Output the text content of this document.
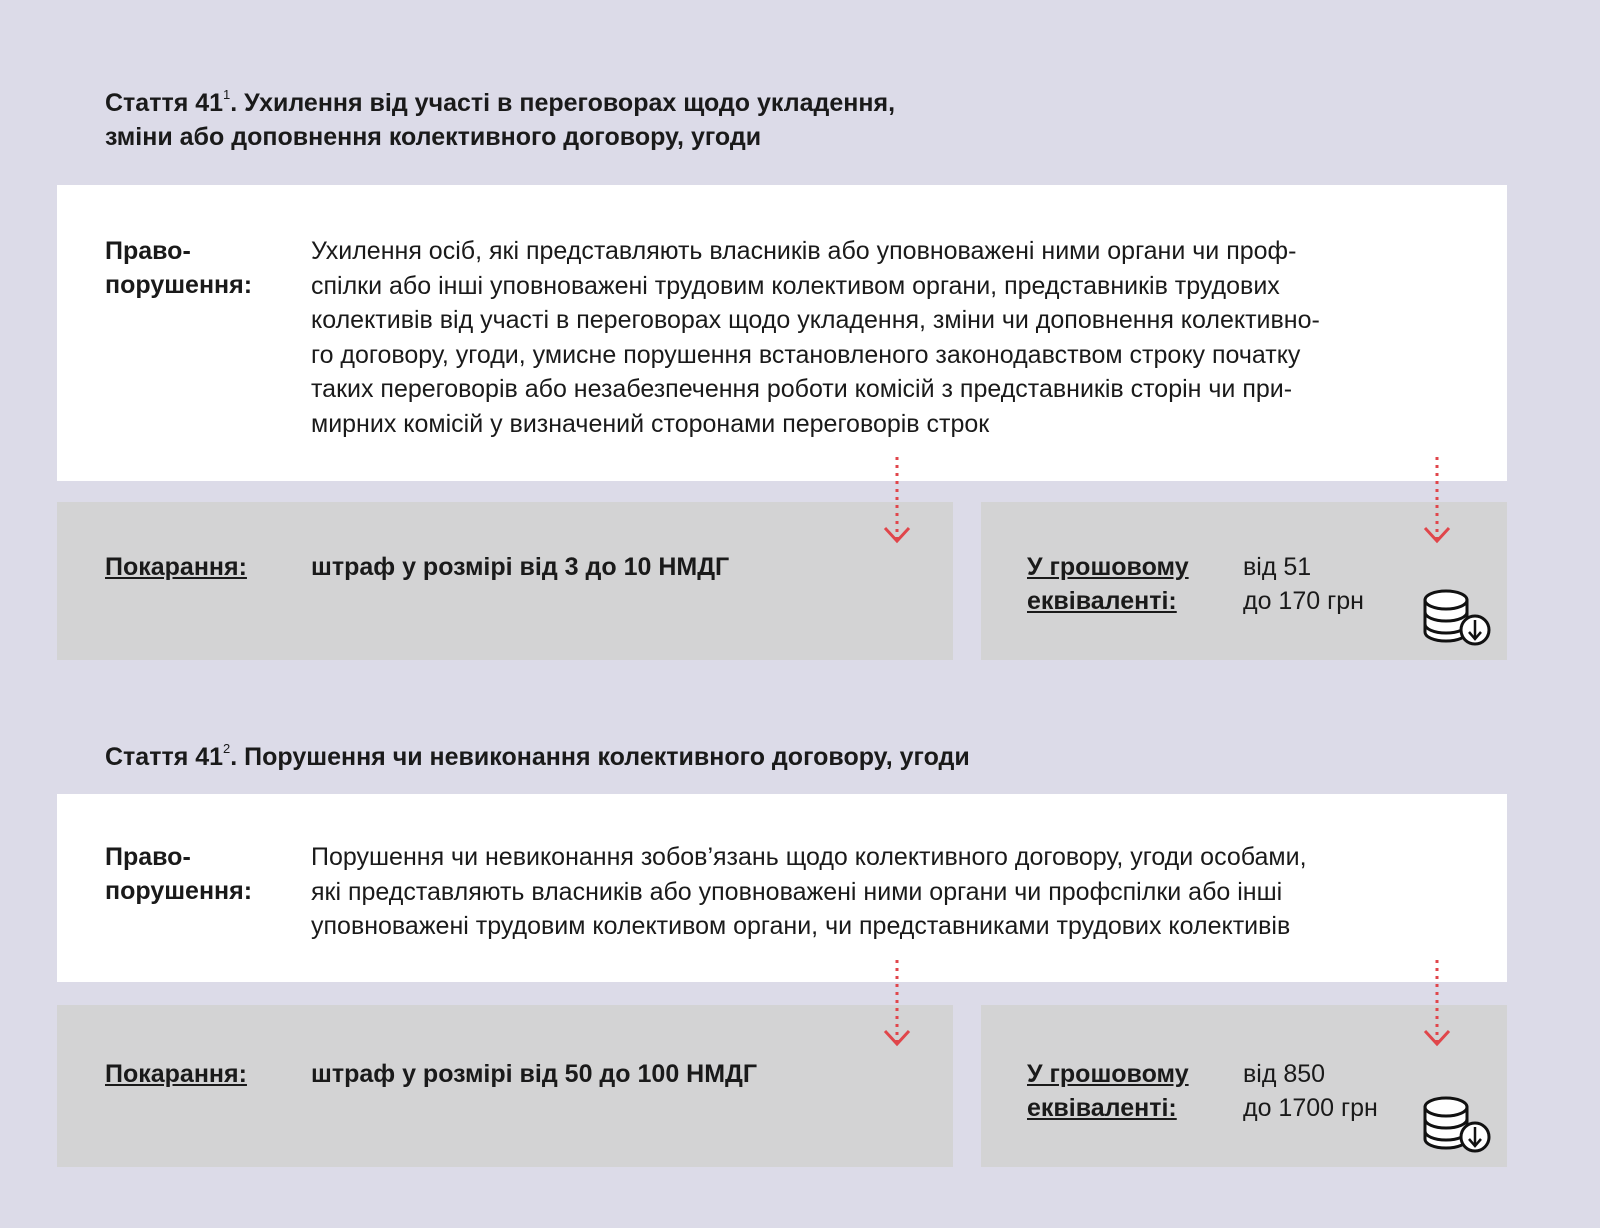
Стаття $41^1$. Ухилення від участі в переговорах щодо укладення,
зміни або доповнення колективного договору, угоди
Право-
порушення:
Ухилення осіб, які представляють власників або уповноважені ними органи чи проф-
спілки або інші уповноважені трудовим колективом органи, представників трудових
колективів від участі в переговорах щодо укладення, зміни чи доповнення колективно-
го договору, угоди, умисне порушення встановленого законодавством строку початку
таких переговорів або незабезпечення роботи комісій з представників сторін чи при-
мирних комісій у визначений сторонами переговорів строк
Покарання:	штраф у розмірі від 3 до 10 НМДГ	У грошовому
еквіваленті:
від 51
до 170 грн
Стаття $41^2$. Порушення чи невиконання колективного договору, угоди
Право-
порушення:
Порушення чи невиконання зобов’язань щодо колективного договору, угоди особами,
які представляють власників або уповноважені ними органи чи профспілки або інші
уповноважені трудовим колективом органи, чи представниками трудових колективів
Покарання:	штраф у розмірі від 50 до 100 НМДГ	У грошовому
еквіваленті:
від 850
до 1700 грн
